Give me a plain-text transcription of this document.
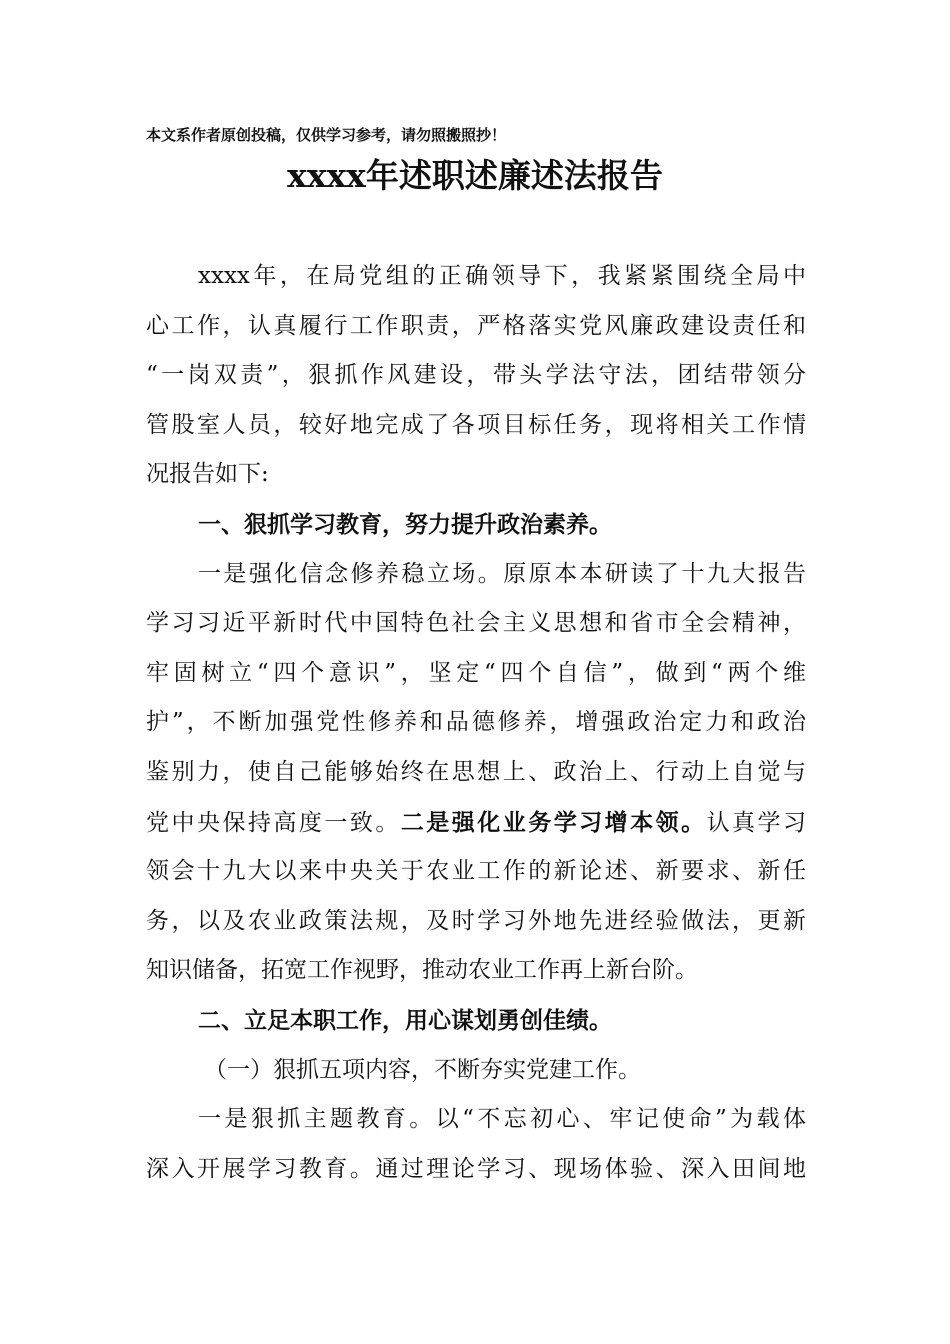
本文系作者原创投稿，仅供学习参考，请勿照搬照抄！
xxxx年述职述廉述法报告
xxxx年，在局党组的正确领导下，我紧紧围绕全局中
心工作，认真履行工作职责，严格落实党风廉政建设责任和
“一岗双责”，狠抓作风建设，带头学法守法，团结带领分
管股室人员，较好地完成了各项目标任务，现将相关工作情
况报告如下:
一、狠抓学习教育，努力提升政治素养。
一是强化信念修养稳立场。原原本本研读了十九大报告
学习习近平新时代中国特色社会主义思想和省市全会精神，
牢固树立“四个意识”，坚定“四个自信”，做到“两个维
护”，不断加强党性修养和品德修养，增强政治定力和政治
鉴别力，使自己能够始终在思想上、政治上、行动上自觉与
党中央保持高度一致。二是强化业务学习增本领。认真学习
领会十九大以来中央关于农业工作的新论述、新要求、新任
务，以及农业政策法规，及时学习外地先进经验做法，更新
知识储备，拓宽工作视野，推动农业工作再上新台阶。
二、立足本职工作，用心谋划勇创佳绩。
（一）狠抓五项内容，不断夯实党建工作。
一是狠抓主题教育。以“不忘初心、牢记使命”为载体
深入开展学习教育。通过理论学习、现场体验、深入田间地
